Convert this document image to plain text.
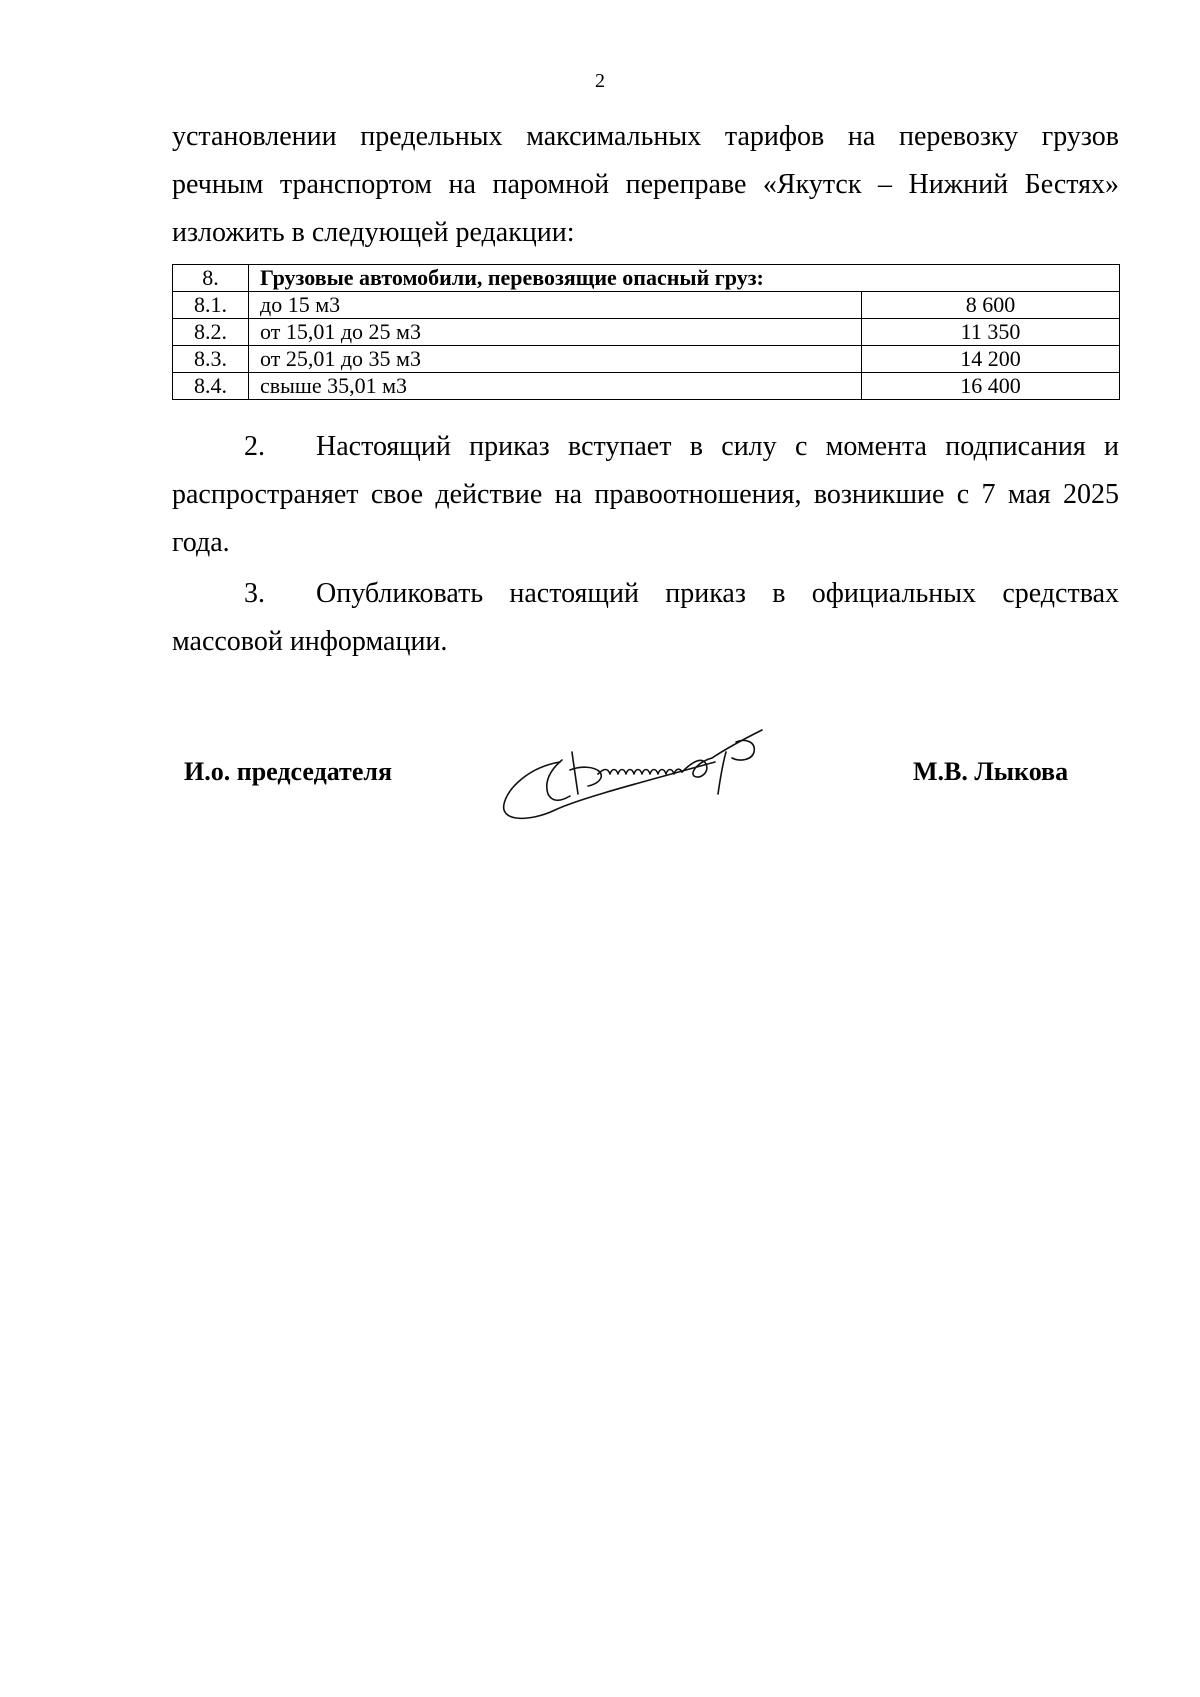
2
установлении предельных максимальных тарифов на перевозку грузов
речным транспортом на паромной переправе «Якутск – Нижний Бестях»
изложить в следующей редакции:
8.	Грузовые автомобили, перевозящие опасный груз:	
8.1.	до 15 м3	8 600
8.2.	от 15,01 до 25 м3	11 350
8.3.	от 25,01 до 35 м3	14 200
8.4.	свыше 35,01 м3	16 400
2. Настоящий приказ вступает в силу с момента подписания и
распространяет свое действие на правоотношения, возникшие с 7 мая 2025
года.
3. Опубликовать настоящий приказ в официальных средствах
массовой информации.
И.о. председателя	М.В. Лыкова
